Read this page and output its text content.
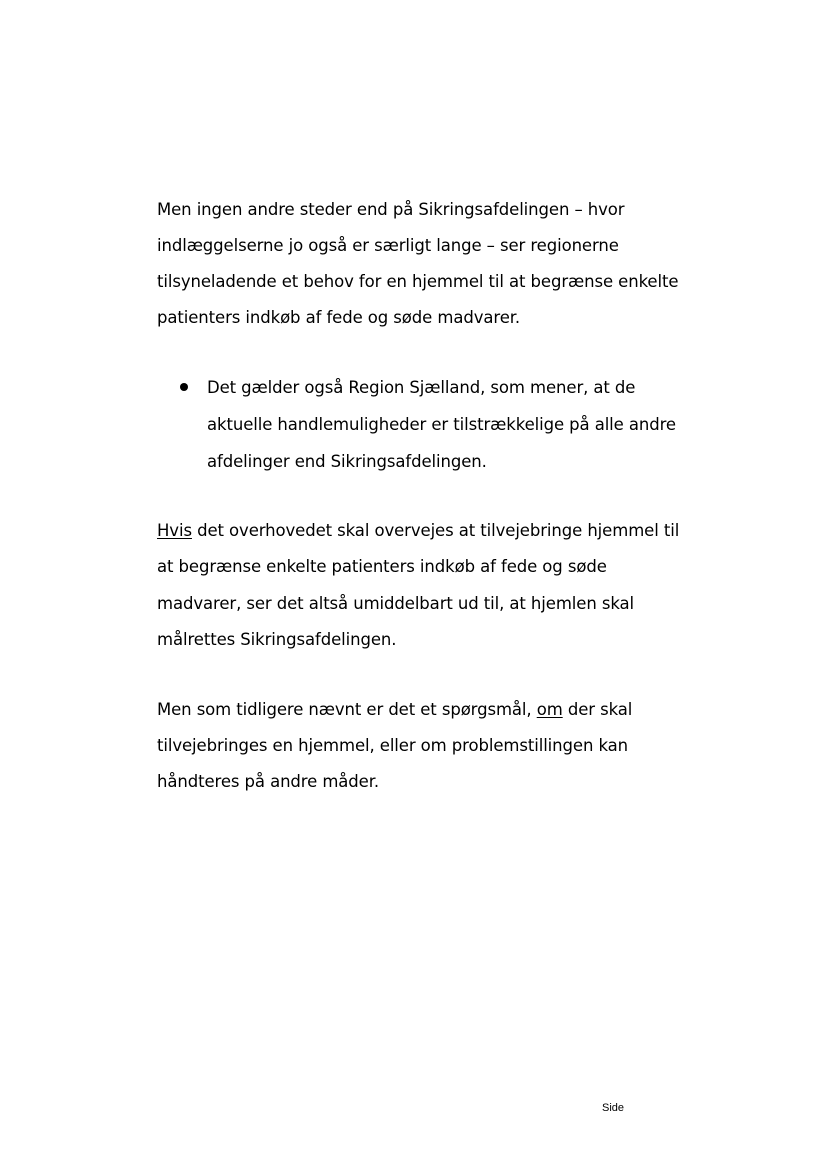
Men ingen andre steder end på Sikringsafdelingen – hvor
indlæggelserne jo også er særligt lange – ser regionerne
tilsyneladende et behov for en hjemmel til at begrænse enkelte
patienters indkøb af fede og søde madvarer.
Det gælder også Region Sjælland, som mener, at de
aktuelle handlemuligheder er tilstrækkelige på alle andre
afdelinger end Sikringsafdelingen.
Hvis det overhovedet skal overvejes at tilvejebringe hjemmel til
at begrænse enkelte patienters indkøb af fede og søde
madvarer, ser det altså umiddelbart ud til, at hjemlen skal
målrettes Sikringsafdelingen.
Men som tidligere nævnt er det et spørgsmål, om der skal
tilvejebringes en hjemmel, eller om problemstillingen kan
håndteres på andre måder.
Side
